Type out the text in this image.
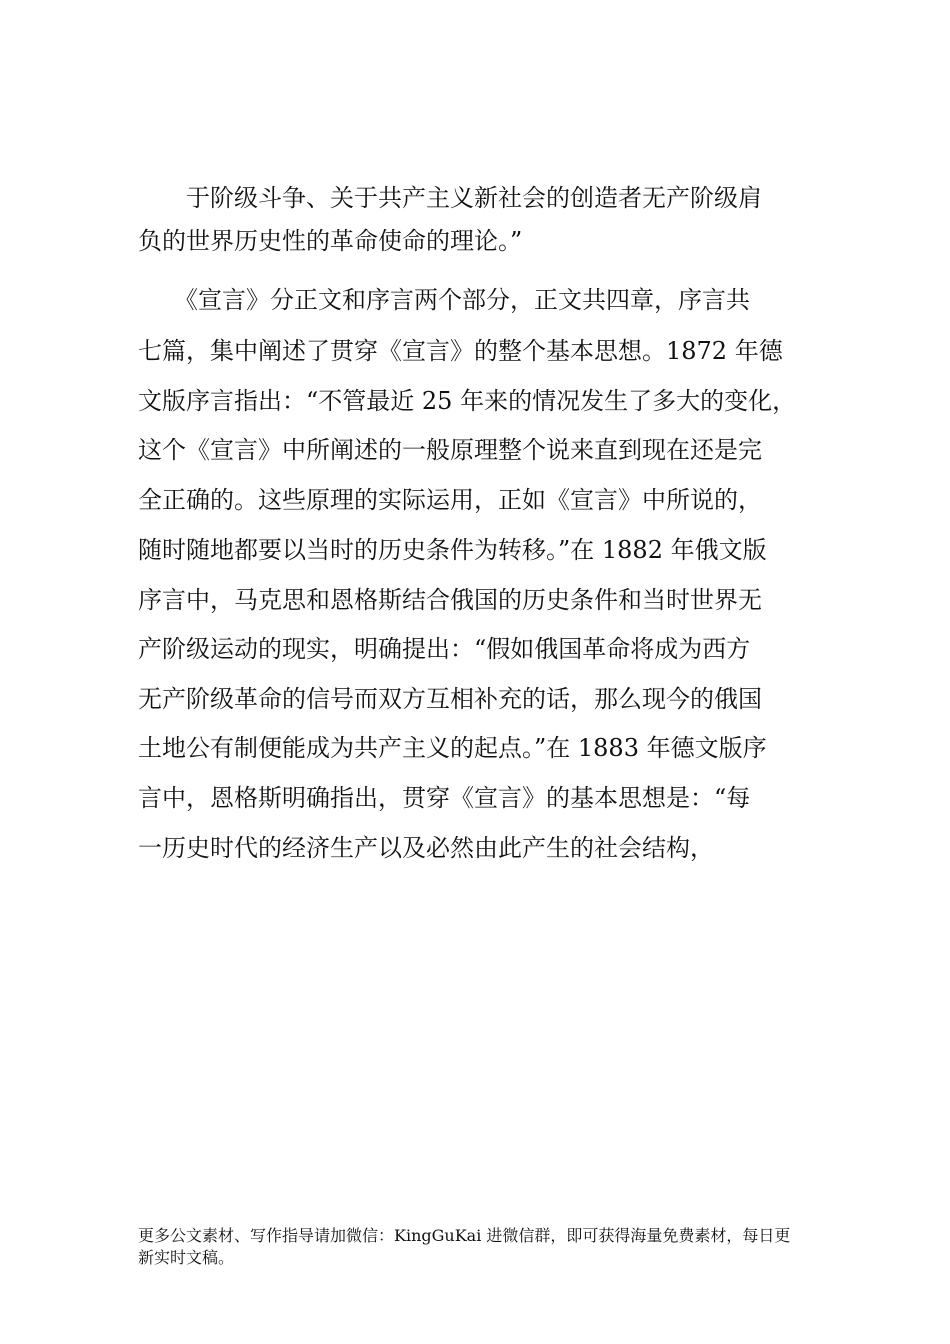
　　于阶级斗争、关于共产主义新社会的创造者无产阶级肩
负的世界历史性的革命使命的理论。”
　　《宣言》分正文和序言两个部分，正文共四章，序言共
七篇，集中阐述了贯穿《宣言》的整个基本思想。1872 年德
文版序言指出：“不管最近 25 年来的情况发生了多大的变化，
这个《宣言》中所阐述的一般原理整个说来直到现在还是完
全正确的。这些原理的实际运用，正如《宣言》中所说的，
随时随地都要以当时的历史条件为转移。”在 1882 年俄文版
序言中，马克思和恩格斯结合俄国的历史条件和当时世界无
产阶级运动的现实，明确提出：“假如俄国革命将成为西方
无产阶级革命的信号而双方互相补充的话，那么现今的俄国
土地公有制便能成为共产主义的起点。”在 1883 年德文版序
言中，恩格斯明确指出，贯穿《宣言》的基本思想是：“每
一历史时代的经济生产以及必然由此产生的社会结构，
更多公文素材、写作指导请加微信：KingGuKai 进微信群，即可获得海量免费素材，每日更
新实时文稿。
